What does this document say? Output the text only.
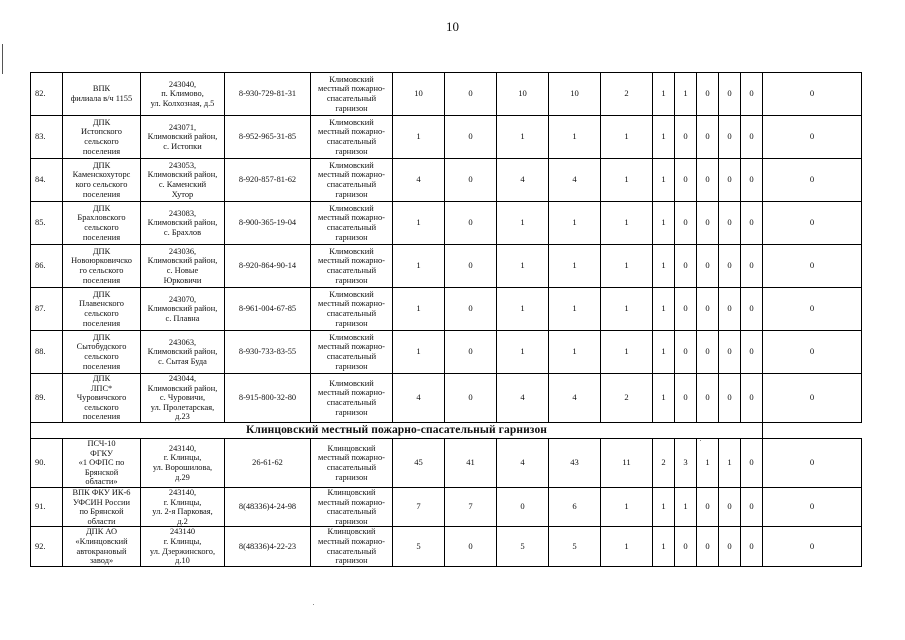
10
82.	ВПК
филиала в/ч 1155	243040,
п. Климово,
ул. Колхозная, д.5	8-930-729-81-31	Климовский
местный пожарно-
спасательный
гарнизон	10	0	10	10	2	1	1	0	0	0	0
83.	ДПК
Истопского
сельского
поселения	243071,
Климовский район,
с. Истопки	8-952-965-31-85	Климовский
местный пожарно-
спасательный
гарнизон	1	0	1	1	1	1	0	0	0	0	0
84.	ДПК
Каменскохуторс
кого сельского
поселения	243053,
Климовский район,
с. Каменский
Хутор	8-920-857-81-62	Климовский
местный пожарно-
спасательный
гарнизон	4	0	4	4	1	1	0	0	0	0	0
85.	ДПК
Брахловского
сельского
поселения	243083,
Климовский район,
с. Брахлов	8-900-365-19-04	Климовский
местный пожарно-
спасательный
гарнизон	1	0	1	1	1	1	0	0	0	0	0
86.	ДПК
Новоюрковичско
го сельского
поселения	243036,
Климовский район,
с. Новые
Юрковичи	8-920-864-90-14	Климовский
местный пожарно-
спасательный
гарнизон	1	0	1	1	1	1	0	0	0	0	0
87.	ДПК
Плавенского
сельского
поселения	243070,
Климовский район,
с. Плавна	8-961-004-67-85	Климовский
местный пожарно-
спасательный
гарнизон	1	0	1	1	1	1	0	0	0	0	0
88.	ДПК
Сытобудского
сельского
поселения	243063,
Климовский район,
с. Сытая Буда	8-930-733-83-55	Климовский
местный пожарно-
спасательный
гарнизон	1	0	1	1	1	1	0	0	0	0	0
89.	ДПК
ЛПС*
Чуровичского
сельского
поселения	243044,
Климовский район,
с. Чуровичи,
ул. Пролетарская,
д.23	8-915-800-32-80	Климовский
местный пожарно-
спасательный
гарнизон	4	0	4	4	2	1	0	0	0	0	0
Клинцовский местный пожарно-спасательный гарнизон															
90.	ПСЧ-10
ФГКУ
«1 ОФПС по
Брянской
области»	243140,
г. Клинцы,
ул. Ворошилова,
д.29	26-61-62	Клинцовский
местный пожарно-
спасательный
гарнизон	45	41	4	43	11	2	3	1	1	0	0
91.	ВПК ФКУ ИК-6
УФСИН России
по Брянской
области	243140,
г. Клинцы,
ул. 2-я Парковая,
д.2	8(48336)4-24-98	Клинцовский
местный пожарно-
спасательный
гарнизон	7	7	0	6	1	1	1	0	0	0	0
92.	ДПК АО
«Клинцовский
автокрановый
завод»	243140
г. Клинцы,
ул. Дзержинского,
д.10	8(48336)4-22-23	Клинцовский
местный пожарно-
спасательный
гарнизон	5	0	5	5	1	1	0	0	0	0	0
